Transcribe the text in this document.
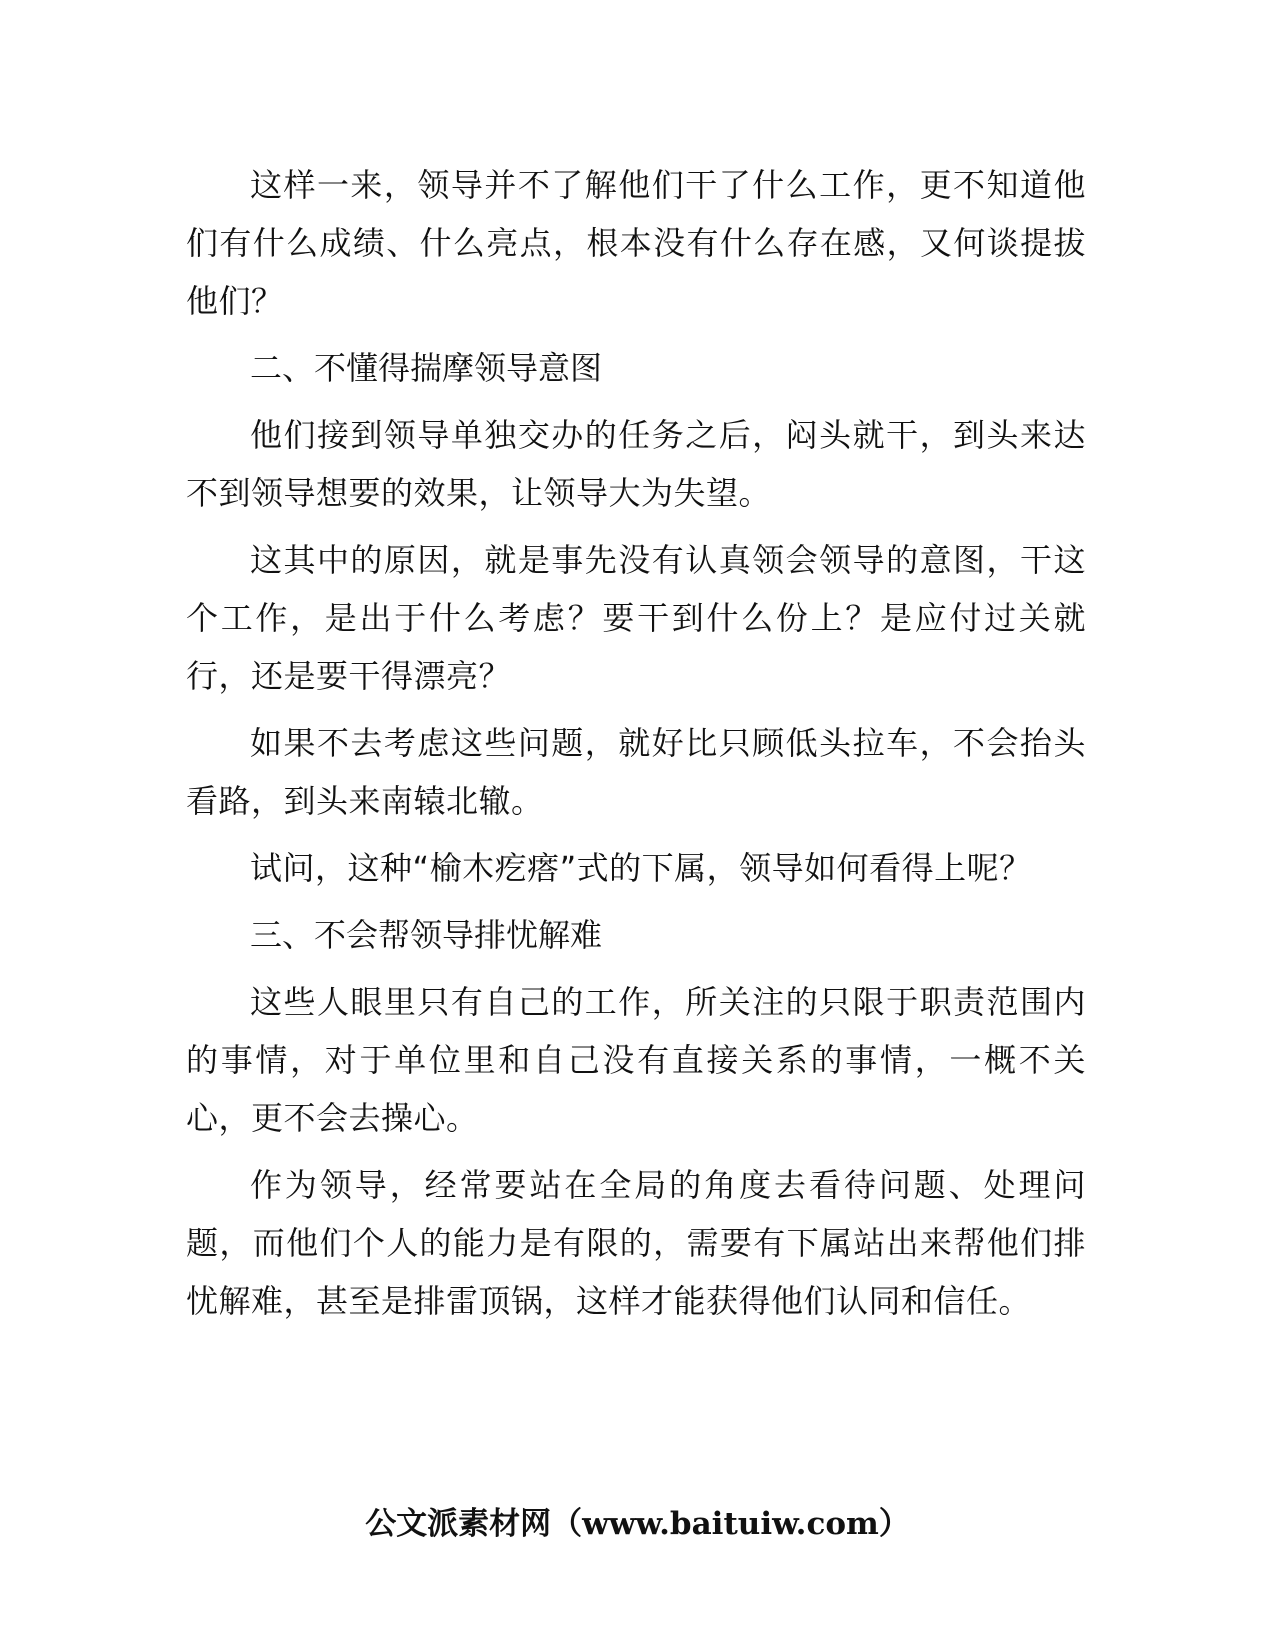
这样一来，领导并不了解他们干了什么工作，更不知道他们有什么成绩、什么亮点，根本没有什么存在感，又何谈提拔他们？

二、不懂得揣摩领导意图

他们接到领导单独交办的任务之后，闷头就干，到头来达不到领导想要的效果，让领导大为失望。

这其中的原因，就是事先没有认真领会领导的意图，干这个工作，是出于什么考虑？要干到什么份上？是应付过关就行，还是要干得漂亮？

如果不去考虑这些问题，就好比只顾低头拉车，不会抬头看路，到头来南辕北辙。

试问，这种“榆木疙瘩”式的下属，领导如何看得上呢？

三、不会帮领导排忧解难

这些人眼里只有自己的工作，所关注的只限于职责范围内的事情，对于单位里和自己没有直接关系的事情，一概不关心，更不会去操心。

作为领导，经常要站在全局的角度去看待问题、处理问题，而他们个人的能力是有限的，需要有下属站出来帮他们排忧解难，甚至是排雷顶锅，这样才能获得他们认同和信任。

公文派素材网（www.baituiw.com）
